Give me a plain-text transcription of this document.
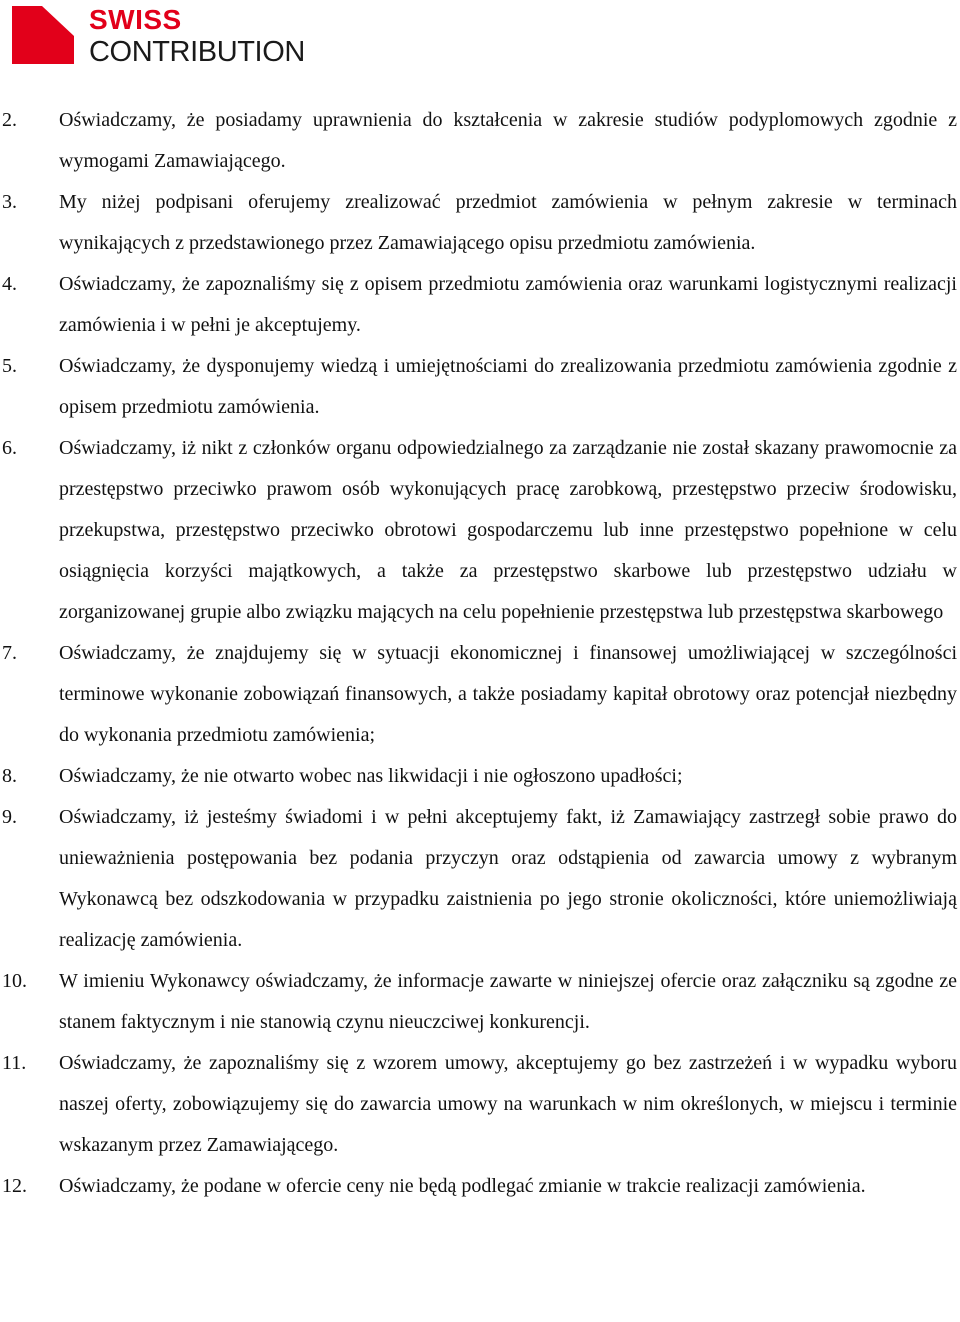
SWISS
CONTRIBUTION
2. Oświadczamy, że posiadamy uprawnienia do kształcenia w zakresie studiów podyplomowych zgodnie z wymogami Zamawiającego.
3. My niżej podpisani oferujemy zrealizować przedmiot zamówienia w pełnym zakresie w terminach wynikających z przedstawionego przez Zamawiającego opisu przedmiotu zamówienia.
4. Oświadczamy, że zapoznaliśmy się z opisem przedmiotu zamówienia oraz warunkami logistycznymi realizacji zamówienia i w pełni je akceptujemy.
5. Oświadczamy, że dysponujemy wiedzą i umiejętnościami do zrealizowania przedmiotu zamówienia zgodnie z opisem przedmiotu zamówienia.
6. Oświadczamy, iż nikt z członków organu odpowiedzialnego za zarządzanie nie został skazany prawomocnie za przestępstwo przeciwko prawom osób wykonujących pracę zarobkową, przestępstwo przeciw środowisku, przekupstwa, przestępstwo przeciwko obrotowi gospodarczemu lub inne przestępstwo popełnione w celu osiągnięcia korzyści majątkowych, a także za przestępstwo skarbowe lub przestępstwo udziału w zorganizowanej grupie albo związku mających na celu popełnienie przestępstwa lub przestępstwa skarbowego
7. Oświadczamy, że znajdujemy się w sytuacji ekonomicznej i finansowej umożliwiającej w szczególności terminowe wykonanie zobowiązań finansowych, a także posiadamy kapitał obrotowy oraz potencjał niezbędny do wykonania przedmiotu zamówienia;
8. Oświadczamy, że nie otwarto wobec nas likwidacji i nie ogłoszono upadłości;
9. Oświadczamy, iż jesteśmy świadomi i w pełni akceptujemy fakt, iż Zamawiający zastrzegł sobie prawo do unieważnienia postępowania bez podania przyczyn oraz odstąpienia od zawarcia umowy z wybranym Wykonawcą bez odszkodowania w przypadku zaistnienia po jego stronie okoliczności, które uniemożliwiają realizację zamówienia.
10. W imieniu Wykonawcy oświadczamy, że informacje zawarte w niniejszej ofercie oraz załączniku są zgodne ze stanem faktycznym i nie stanowią czynu nieuczciwej konkurencji.
11. Oświadczamy, że zapoznaliśmy się z wzorem umowy, akceptujemy go bez zastrzeżeń i w wypadku wyboru naszej oferty, zobowiązujemy się do zawarcia umowy na warunkach w nim określonych, w miejscu i terminie wskazanym przez Zamawiającego.
12. Oświadczamy, że podane w ofercie ceny nie będą podlegać zmianie w trakcie realizacji zamówienia.
